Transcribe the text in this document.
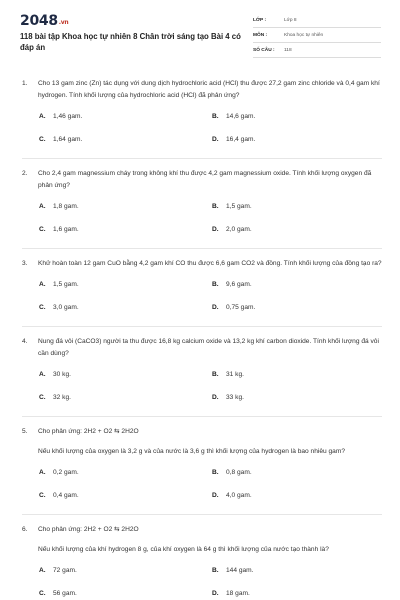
2048.vn
118 bài tập Khoa học tự nhiên 8 Chân trời sáng tạo Bài 4 có đáp án
LỚP :	Lớp 8
MÔN :	Khoa học tự nhiên
SỐ CÂU :	118
1.	Cho 13 gam zinc (Zn) tác dụng với dung dịch hydrochloric acid (HCl) thu được 27,2 gam zinc chloride và 0,4 gam khí hydrogen. Tính khối lượng của hydrochloric acid (HCl) đã phản ứng?
A.	1,46 gam.	B.	14,6 gam.
C.	1,64 gam.	D.	16,4 gam.
2.	Cho 2,4 gam magnessium cháy trong không khí thu được 4,2 gam magnessium oxide. Tính khối lượng oxygen đã phản ứng?
A.	1,8 gam.	B.	1,5 gam.
C.	1,6 gam.	D.	2,0 gam.
3.	Khử hoàn toàn 12 gam CuO bằng 4,2 gam khí CO thu được 6,6 gam CO2 và đồng. Tính khối lượng của đồng tạo ra?
A.	1,5 gam.	B.	9,6 gam.
C.	3,0 gam.	D.	0,75 gam.
4.	Nung đá vôi (CaCO3) người ta thu được 16,8 kg calcium oxide và 13,2 kg khí carbon dioxide. Tính khối lượng đá vôi cần dùng?
A.	30 kg.	B.	31 kg.
C.	32 kg.	D.	33 kg.
5.	Cho phản ứng: 2H2 + O2 ⇆ 2H2O
Nếu khối lượng của oxygen là 3,2 g và của nước là 3,6 g thì khối lượng của hydrogen là bao nhiêu gam?
A.	0,2 gam.	B.	0,8 gam.
C.	0,4 gam.	D.	4,0 gam.
6.	Cho phản ứng: 2H2 + O2 ⇆ 2H2O
Nếu khối lượng của khí hydrogen 8 g, của khí oxygen là 64 g thì khối lượng của nước tạo thành là?
A.	72 gam.	B.	144 gam.
C.	56 gam.	D.	18 gam.
